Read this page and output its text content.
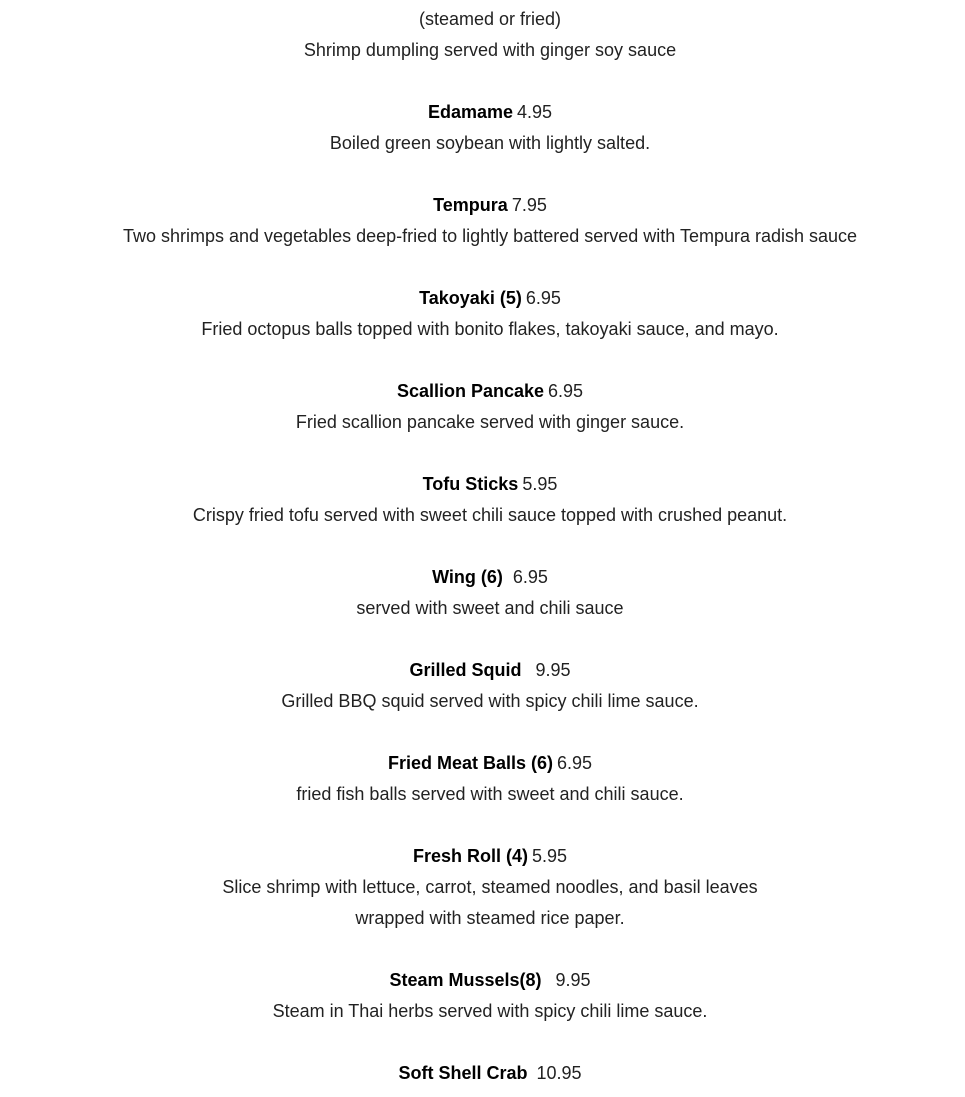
(steamed or fried)
Shrimp dumpling served with ginger soy sauce
Edamame 4.95
Boiled green soybean with lightly salted.
Tempura 7.95
Two shrimps and vegetables deep-fried to lightly battered served with Tempura radish sauce
Takoyaki (5) 6.95
Fried octopus balls topped with bonito flakes, takoyaki sauce, and mayo.
Scallion Pancake 6.95
Fried scallion pancake served with ginger sauce.
Tofu Sticks 5.95
Crispy fried tofu served with sweet chili sauce topped with crushed peanut.
Wing (6) 6.95
served with sweet and chili sauce
Grilled Squid 9.95
Grilled BBQ squid served with spicy chili lime sauce.
Fried Meat Balls (6) 6.95
fried fish balls served with sweet and chili sauce.
Fresh Roll (4) 5.95
Slice shrimp with lettuce, carrot, steamed noodles, and basil leaves
wrapped with steamed rice paper.
Steam Mussels(8) 9.95
Steam in Thai herbs served with spicy chili lime sauce.
Soft Shell Crab 10.95
